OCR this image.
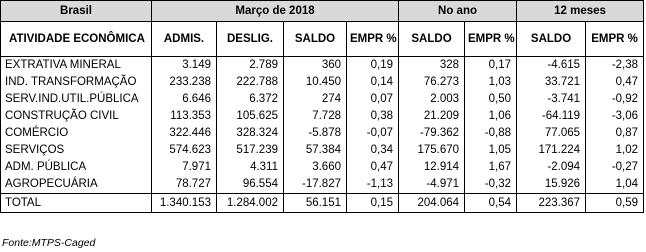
Brasil	Março de 2018				No ano		12 meses	
ATIVIDADE ECONÔMICA	ADMIS.	DESLIG.	SALDO	EMPR %	SALDO	EMPR %	SALDO	EMPR %
EXTRATIVA MINERAL	3.149	2.789	360	0,19	328	0,17	-4.615	-2,38
IND. TRANSFORMAÇÃO	233.238	222.788	10.450	0,14	76.273	1,03	33.721	0,47
SERV.IND.UTIL.PÚBLICA	6.646	6.372	274	0,07	2.003	0,50	-3.741	-0,92
CONSTRUÇÃO CIVIL	113.353	105.625	7.728	0,38	21.209	1,06	-64.119	-3,06
COMÉRCIO	322.446	328.324	-5.878	-0,07	-79.362	-0,88	77.065	0,87
SERVIÇOS	574.623	517.239	57.384	0,34	175.670	1,05	171.224	1,02
ADM. PÚBLICA	7.971	4.311	3.660	0,47	12.914	1,67	-2.094	-0,27
AGROPECUÁRIA	78.727	96.554	-17.827	-1,13	-4.971	-0,32	15.926	1,04
TOTAL	1.340.153	1.284.002	56.151	0,15	204.064	0,54	223.367	0,59
Fonte:MTPS-Caged
